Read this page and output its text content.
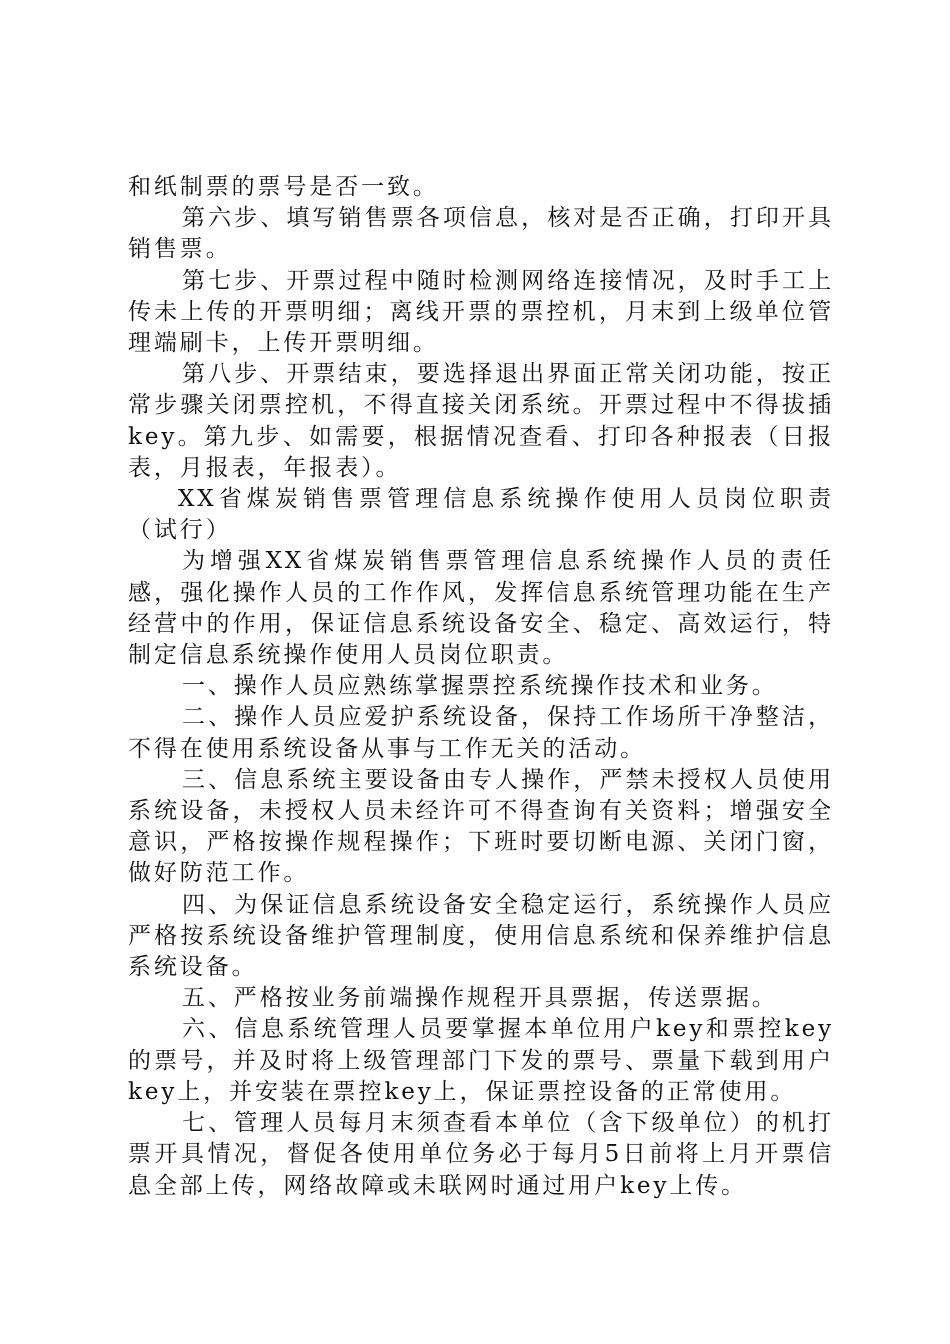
和纸制票的票号是否一致。

第六步、填写销售票各项信息，核对是否正确，打印开具销售票。

第七步、开票过程中随时检测网络连接情况，及时手工上传未上传的开票明细；离线开票的票控机，月末到上级单位管理端刷卡，上传开票明细。

第八步、开票结束，要选择退出界面正常关闭功能，按正常步骤关闭票控机，不得直接关闭系统。开票过程中不得拔插key。第九步、如需要，根据情况查看、打印各种报表（日报表，月报表，年报表）。

XX省煤炭销售票管理信息系统操作使用人员岗位职责（试行）

为增强XX省煤炭销售票管理信息系统操作人员的责任感，强化操作人员的工作作风，发挥信息系统管理功能在生产经营中的作用，保证信息系统设备安全、稳定、高效运行，特制定信息系统操作使用人员岗位职责。

一、操作人员应熟练掌握票控系统操作技术和业务。

二、操作人员应爱护系统设备，保持工作场所干净整洁，不得在使用系统设备从事与工作无关的活动。

三、信息系统主要设备由专人操作，严禁未授权人员使用系统设备，未授权人员未经许可不得查询有关资料；增强安全意识，严格按操作规程操作；下班时要切断电源、关闭门窗，做好防范工作。

四、为保证信息系统设备安全稳定运行，系统操作人员应严格按系统设备维护管理制度，使用信息系统和保养维护信息系统设备。

五、严格按业务前端操作规程开具票据，传送票据。

六、信息系统管理人员要掌握本单位用户key和票控key的票号，并及时将上级管理部门下发的票号、票量下载到用户key上，并安装在票控key上，保证票控设备的正常使用。

七、管理人员每月末须查看本单位（含下级单位）的机打票开具情况，督促各使用单位务必于每月5日前将上月开票信息全部上传，网络故障或未联网时通过用户key上传。
